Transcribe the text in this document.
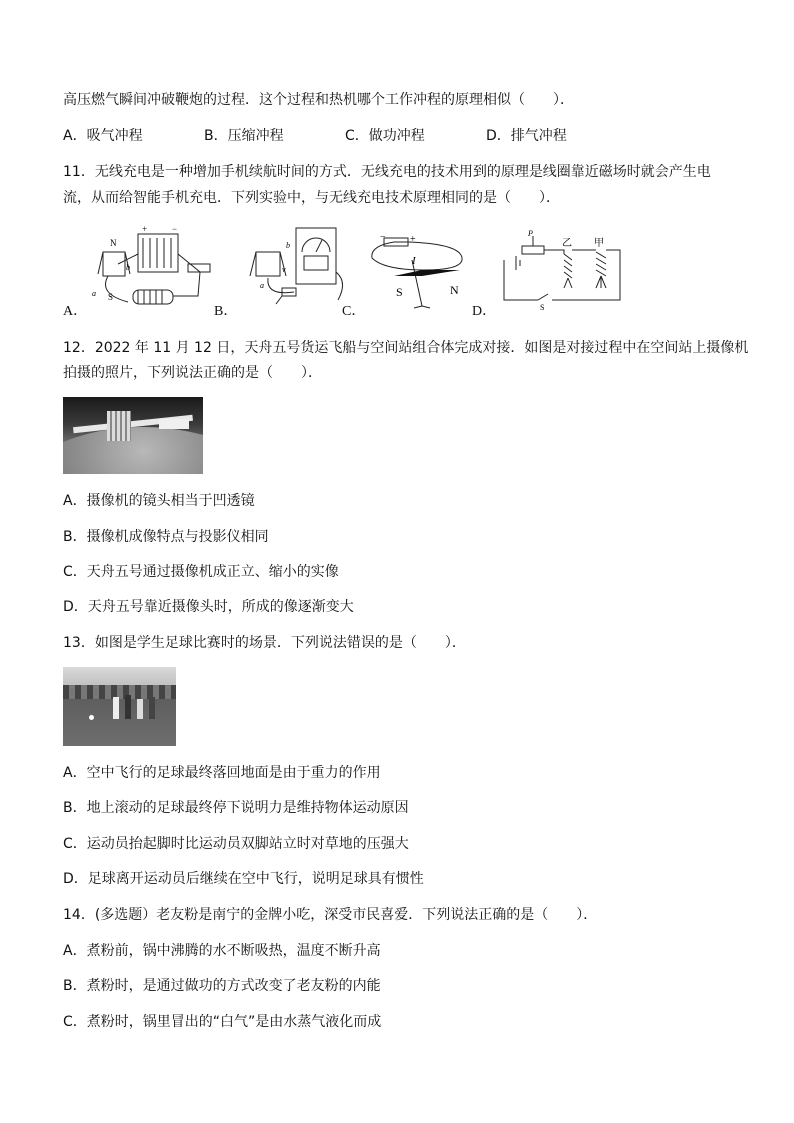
高压燃气瞬间冲破鞭炮的过程．这个过程和热机哪个工作冲程的原理相似（　　）．
A．吸气冲程	B．压缩冲程	C．做功冲程	D．排气冲程
11．无线充电是一种增加手机续航时间的方式．无线充电的技术用到的原理是线圈靠近磁场时就会产生电
流，从而给智能手机充电．下列实验中，与无线充电技术原理相同的是（　　）．
A．
N
S
a
b
+	−
B．
b
a
v
C．
− +
I
S	N
D．
P
乙 甲
S
12．2022 年 11 月 12 日，天舟五号货运飞船与空间站组合体完成对接．如图是对接过程中在空间站上摄像机
拍摄的照片，下列说法正确的是（　　）．
A．摄像机的镜头相当于凹透镜
B．摄像机成像特点与投影仪相同
C．天舟五号通过摄像机成正立、缩小的实像
D．天舟五号靠近摄像头时，所成的像逐渐变大
13．如图是学生足球比赛时的场景．下列说法错误的是（　　）．
A．空中飞行的足球最终落回地面是由于重力的作用
B．地上滚动的足球最终停下说明力是维持物体运动原因
C．运动员抬起脚时比运动员双脚站立时对草地的压强大
D．足球离开运动员后继续在空中飞行，说明足球具有惯性
14．(多选题）老友粉是南宁的金牌小吃，深受市民喜爱．下列说法正确的是（　　）．
A．煮粉前，锅中沸腾的水不断吸热，温度不断升高
B．煮粉时，是通过做功的方式改变了老友粉的内能
C．煮粉时，锅里冒出的“白气”是由水蒸气液化而成
